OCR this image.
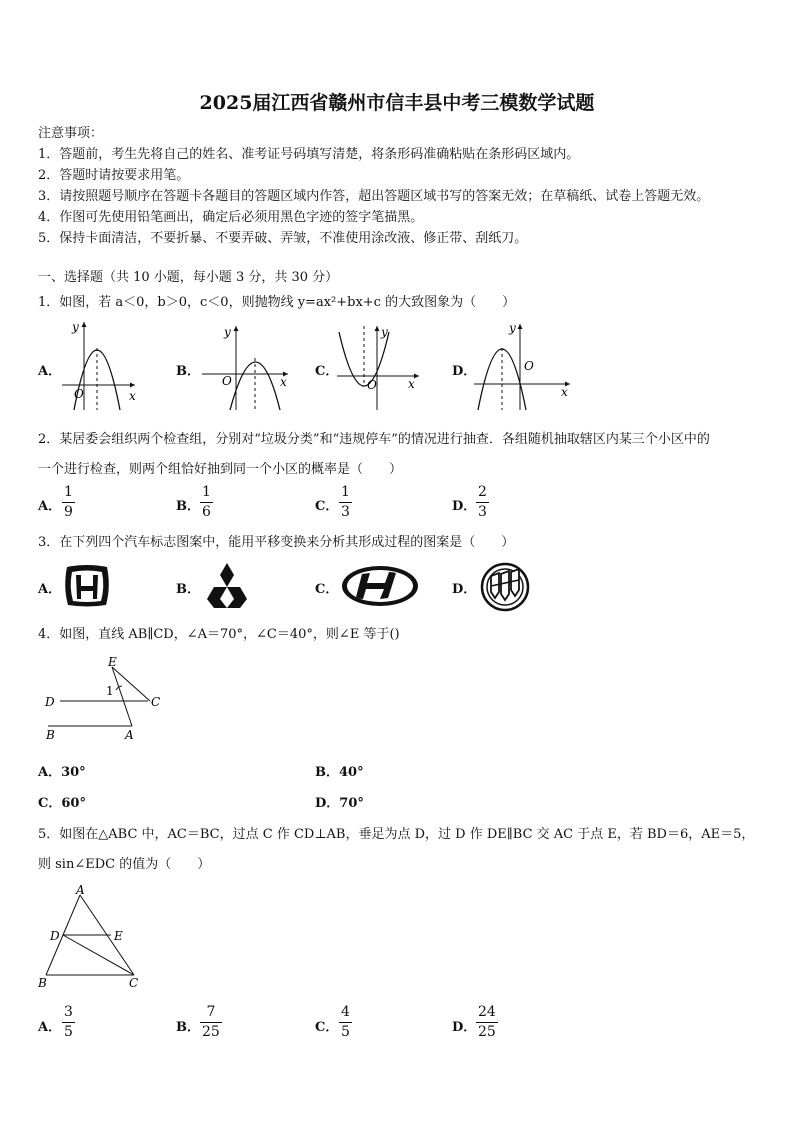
2025届江西省赣州市信丰县中考三模数学试题
注意事项：
1．答题前，考生先将自己的姓名、准考证号码填写清楚，将条形码准确粘贴在条形码区域内。
2．答题时请按要求用笔。
3．请按照题号顺序在答题卡各题目的答题区域内作答，超出答题区域书写的答案无效；在草稿纸、试卷上答题无效。
4．作图可先使用铅笔画出，确定后必须用黑色字迹的签字笔描黑。
5．保持卡面清洁，不要折暴、不要弄破、弄皱，不准使用涂改液、修正带、刮纸刀。
一、选择题（共 10 小题，每小题 3 分，共 30 分）
1．如图，若 a＜0，b＞0，c＜0，则抛物线 y=ax²+bx+c 的大致图象为（　　）
A．	B．	C．	D．
y
x
O
y
x
O
y
x
O
y
x
O
2．某居委会组织两个检查组，分别对“垃圾分类”和“违规停车”的情况进行抽查．各组随机抽取辖区内某三个小区中的
一个进行检查，则两个组恰好抽到同一个小区的概率是（　　）
A．
1
9	B．
1
6	C．
1
3	D．
2
3
3．在下列四个汽车标志图案中，能用平移变换来分析其形成过程的图案是（　　）
A．	B．	C．	D．
4．如图，直线 AB∥CD，∠A＝70°，∠C＝40°，则∠E 等于()
E
D	C
B	A
1
A．30°	B．40°
C．60°	D．70°
5．如图在△ABC 中，AC＝BC，过点 C 作 CD⊥AB，垂足为点 D，过 D 作 DE∥BC 交 AC 于点 E，若 BD＝6，AE＝5，
则 sin∠EDC 的值为（　　）
A
D	E
B	C
A．
3
5	B．
7
25	C．
4
5	D．
24
25
